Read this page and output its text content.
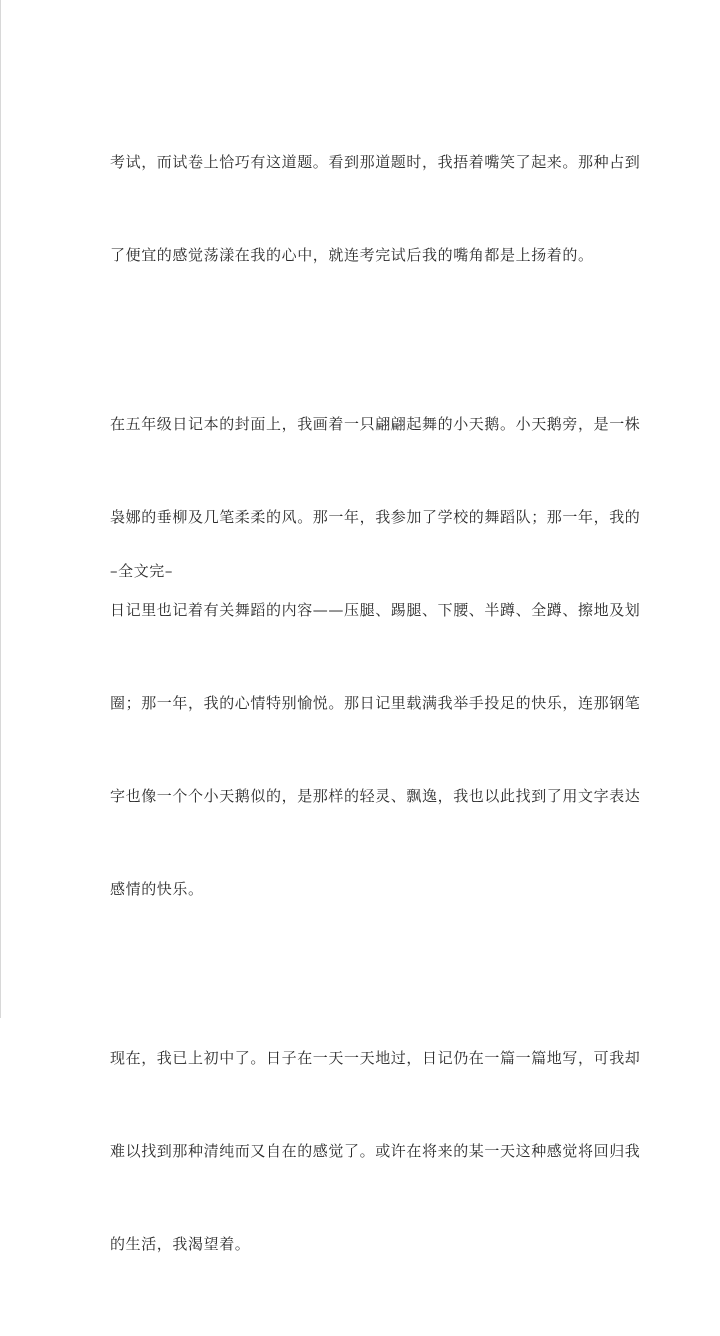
考试，而试卷上恰巧有这道题。看到那道题时，我捂着嘴笑了起来。那种占到

了便宜的感觉荡漾在我的心中，就连考完试后我的嘴角都是上扬着的。

在五年级日记本的封面上，我画着一只翩翩起舞的小天鹅。小天鹅旁，是一株

袅娜的垂柳及几笔柔柔的风。那一年，我参加了学校的舞蹈队；那一年，我的

日记里也记着有关舞蹈的内容——压腿、踢腿、下腰、半蹲、全蹲、擦地及划

圈；那一年，我的心情特别愉悦。那日记里载满我举手投足的快乐，连那钢笔

字也像一个个小天鹅似的，是那样的轻灵、飘逸，我也以此找到了用文字表达

感情的快乐。

现在，我已上初中了。日子在一天一天地过，日记仍在一篇一篇地写，可我却

难以找到那种清纯而又自在的感觉了。或许在将来的某一天这种感觉将回归我

的生活，我渴望着。

–全文完–
